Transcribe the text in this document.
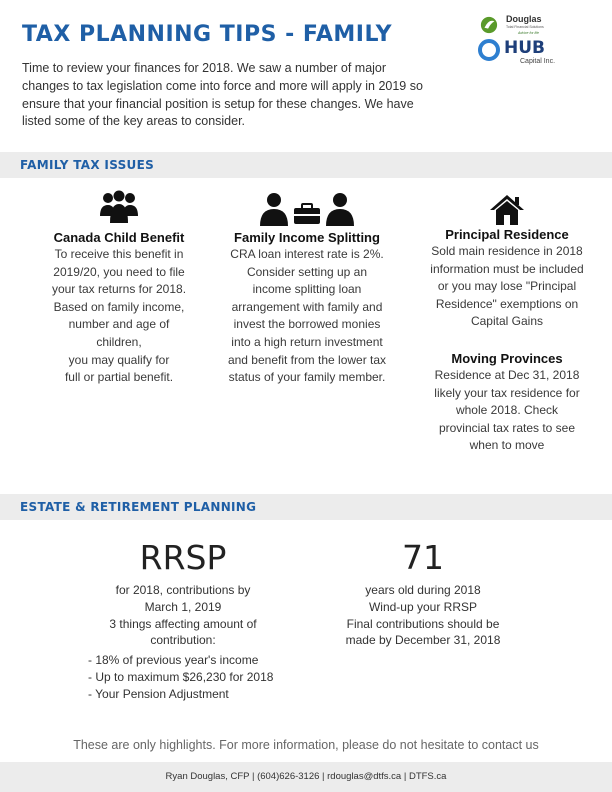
TAX PLANNING TIPS - FAMILY
Douglas
Total Financial Solutions
Advice for life
HUB
Capital Inc.

Time to review your finances for 2018. We saw a number of major changes to tax legislation come into force and more will apply in 2019 so ensure that your financial position is setup for these changes. We have listed some of the key areas to consider.

FAMILY TAX ISSUES
Canada Child Benefit
To receive this benefit in
2019/20, you need to file
your tax returns for 2018.
Based on family income,
number and age of
children,
you may qualify for
full or partial benefit.
Family Income Splitting
CRA loan interest rate is 2%.
Consider setting up an
income splitting loan
arrangement with family and
invest the borrowed monies
into a high return investment
and benefit from the lower tax
status of your family member.
Principal Residence
Sold main residence in 2018
information must be included
or you may lose "Principal
Residence" exemptions on
Capital Gains
Moving Provinces
Residence at Dec 31, 2018
likely your tax residence for
whole 2018. Check
provincial tax rates to see
when to move
ESTATE & RETIREMENT PLANNING
RRSP
for 2018, contributions by
March 1, 2019
3 things affecting amount of
contribution:
- 18% of previous year's income
- Up to maximum $26,230 for 2018
- Your Pension Adjustment
71
years old during 2018
Wind-up your RRSP
Final contributions should be
made by December 31, 2018
These are only highlights. For more information, please do not hesitate to contact us
Ryan Douglas, CFP | (604)626-3126 | rdouglas@dtfs.ca | DTFS.ca
